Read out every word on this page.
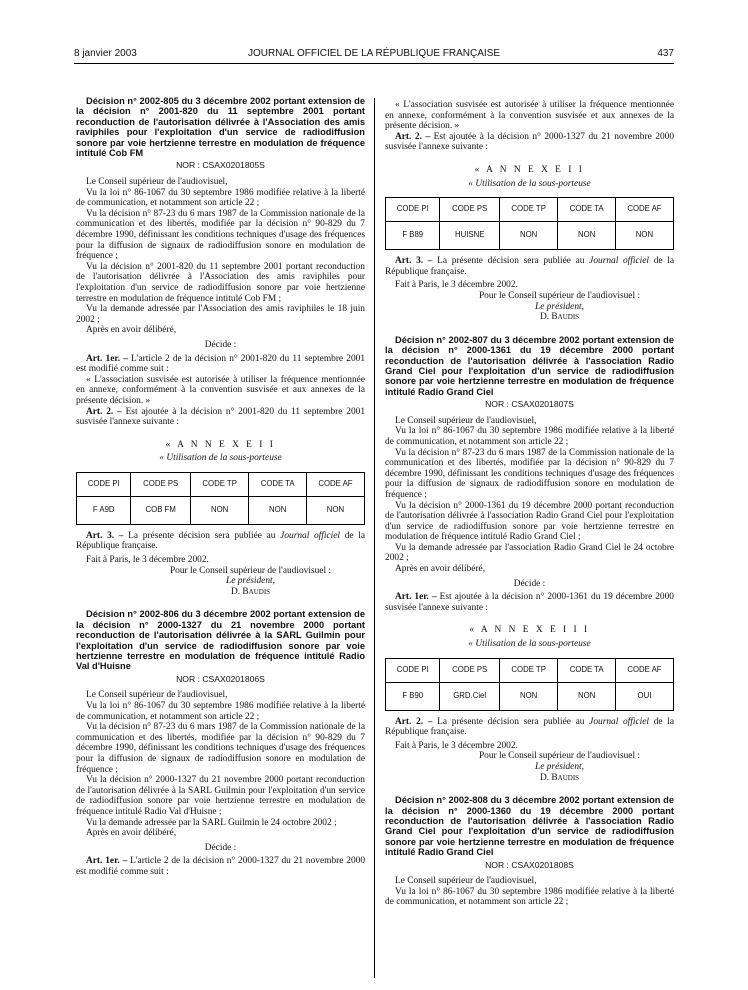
8 janvier 2003	JOURNAL OFFICIEL DE LA RÉPUBLIQUE FRANÇAISE	437

Décision n° 2002-805 du 3 décembre 2002 portant extension de la décision n° 2001-820 du 11 septembre 2001 portant reconduction de l'autorisation délivrée à l'Association des amis raviphiles pour l'exploitation d'un service de radiodiffusion sonore par voie hertzienne terrestre en modulation de fréquence intitulé Cob FM

NOR : CSAX0201805S

Le Conseil supérieur de l'audiovisuel,

Vu la loi n° 86-1067 du 30 septembre 1986 modifiée relative à la liberté de communication, et notamment son article 22 ;

Vu la décision n° 87-23 du 6 mars 1987 de la Commission nationale de la communication et des libertés, modifiée par la décision n° 90-829 du 7 décembre 1990, définissant les conditions techniques d'usage des fréquences pour la diffusion de signaux de radiodiffusion sonore en modulation de fréquence ;

Vu la décision n° 2001-820 du 11 septembre 2001 portant reconduction de l'autorisation délivrée à l'Association des amis raviphiles pour l'exploitation d'un service de radiodiffusion sonore par voie hertzienne terrestre en modulation de fréquence intitulé Cob FM ;

Vu la demande adressée par l'Association des amis raviphiles le 18 juin 2002 ;

Après en avoir délibéré,

Décide :

Art. 1er. – L'article 2 de la décision n° 2001-820 du 11 septembre 2001 est modifié comme suit :

« L'association susvisée est autorisée à utiliser la fréquence mentionnée en annexe, conformément à la convention susvisée et aux annexes de la présente décision. »

Art. 2. – Est ajoutée à la décision n° 2001-820 du 11 septembre 2001 susvisée l'annexe suivante :

« A N N E X E I I
« Utilisation de la sous-porteuse
CODE PI	CODE PS	CODE TP	CODE TA	CODE AF
F A9D	COB FM	NON	NON	NON

Art. 3. – La présente décision sera publiée au Journal officiel de la République française.

Fait à Paris, le 3 décembre 2002.

Pour le Conseil supérieur de l'audiovisuel :
Le président,
D. Baudis

Décision n° 2002-806 du 3 décembre 2002 portant extension de la décision n° 2000-1327 du 21 novembre 2000 portant reconduction de l'autorisation délivrée à la SARL Guilmin pour l'exploitation d'un service de radiodiffusion sonore par voie hertzienne terrestre en modulation de fréquence intitulé Radio Val d'Huisne

NOR : CSAX0201806S

Le Conseil supérieur de l'audiovisuel,

Vu la loi n° 86-1067 du 30 septembre 1986 modifiée relative à la liberté de communication, et notamment son article 22 ;

Vu la décision n° 87-23 du 6 mars 1987 de la Commission nationale de la communication et des libertés, modifiée par la décision n° 90-829 du 7 décembre 1990, définissant les conditions techniques d'usage des fréquences pour la diffusion de signaux de radiodiffusion sonore en modulation de fréquence ;

Vu la décision n° 2000-1327 du 21 novembre 2000 portant reconduction de l'autorisation délivrée à la SARL Guilmin pour l'exploitation d'un service de radiodiffusion sonore par voie hertzienne terrestre en modulation de fréquence intitulé Radio Val d'Huisne ;

Vu la demande adressée par la SARL Guilmin le 24 octobre 2002 ;

Après en avoir délibéré,

Décide :

Art. 1er. – L'article 2 de la décision n° 2000-1327 du 21 novembre 2000 est modifié comme suit :

« L'association susvisée est autorisée à utiliser la fréquence mentionnée en annexe, conformément à la convention susvisée et aux annexes de la présente décision. »

Art. 2. – Est ajoutée à la décision n° 2000-1327 du 21 novembre 2000 susvisée l'annexe suivante :

« A N N E X E I I
« Utilisation de la sous-porteuse
CODE PI	CODE PS	CODE TP	CODE TA	CODE AF
F B89	HUISNE	NON	NON	NON

Art. 3. – La présente décision sera publiée au Journal officiel de la République française.

Fait à Paris, le 3 décembre 2002.

Pour le Conseil supérieur de l'audiovisuel :
Le président,
D. Baudis

Décision n° 2002-807 du 3 décembre 2002 portant extension de la décision n° 2000-1361 du 19 décembre 2000 portant reconduction de l'autorisation délivrée à l'association Radio Grand Ciel pour l'exploitation d'un service de radiodiffusion sonore par voie hertzienne terrestre en modulation de fréquence intitulé Radio Grand Ciel

NOR : CSAX0201807S

Le Conseil supérieur de l'audiovisuel,

Vu la loi n° 86-1067 du 30 septembre 1986 modifiée relative à la liberté de communication, et notamment son article 22 ;

Vu la décision n° 87-23 du 6 mars 1987 de la Commission nationale de la communication et des libertés, modifiée par la décision n° 90-829 du 7 décembre 1990, définissant les conditions techniques d'usage des fréquences pour la diffusion de signaux de radiodiffusion sonore en modulation de fréquence ;

Vu la décision n° 2000-1361 du 19 décembre 2000 portant reconduction de l'autorisation délivrée à l'association Radio Grand Ciel pour l'exploitation d'un service de radiodiffusion sonore par voie hertzienne terrestre en modulation de fréquence intitulé Radio Grand Ciel ;

Vu la demande adressée par l'association Radio Grand Ciel le 24 octobre 2002 ;

Après en avoir délibéré,

Décide :

Art. 1er. – Est ajoutée à la décision n° 2000-1361 du 19 décembre 2000 susvisée l'annexe suivante :

« A N N E X E I I I
« Utilisation de la sous-porteuse
CODE PI	CODE PS	CODE TP	CODE TA	CODE AF
F B90	GRD.Ciel	NON	NON	OUI

Art. 2. – La présente décision sera publiée au Journal officiel de la République française.

Fait à Paris, le 3 décembre 2002.

Pour le Conseil supérieur de l'audiovisuel :
Le président,
D. Baudis

Décision n° 2002-808 du 3 décembre 2002 portant extension de la décision n° 2000-1360 du 19 décembre 2000 portant reconduction de l'autorisation délivrée à l'association Radio Grand Ciel pour l'exploitation d'un service de radiodiffusion sonore par voie hertzienne terrestre en modulation de fréquence intitulé Radio Grand Ciel

NOR : CSAX0201808S

Le Conseil supérieur de l'audiovisuel,

Vu la loi n° 86-1067 du 30 septembre 1986 modifiée relative à la liberté de communication, et notamment son article 22 ;
